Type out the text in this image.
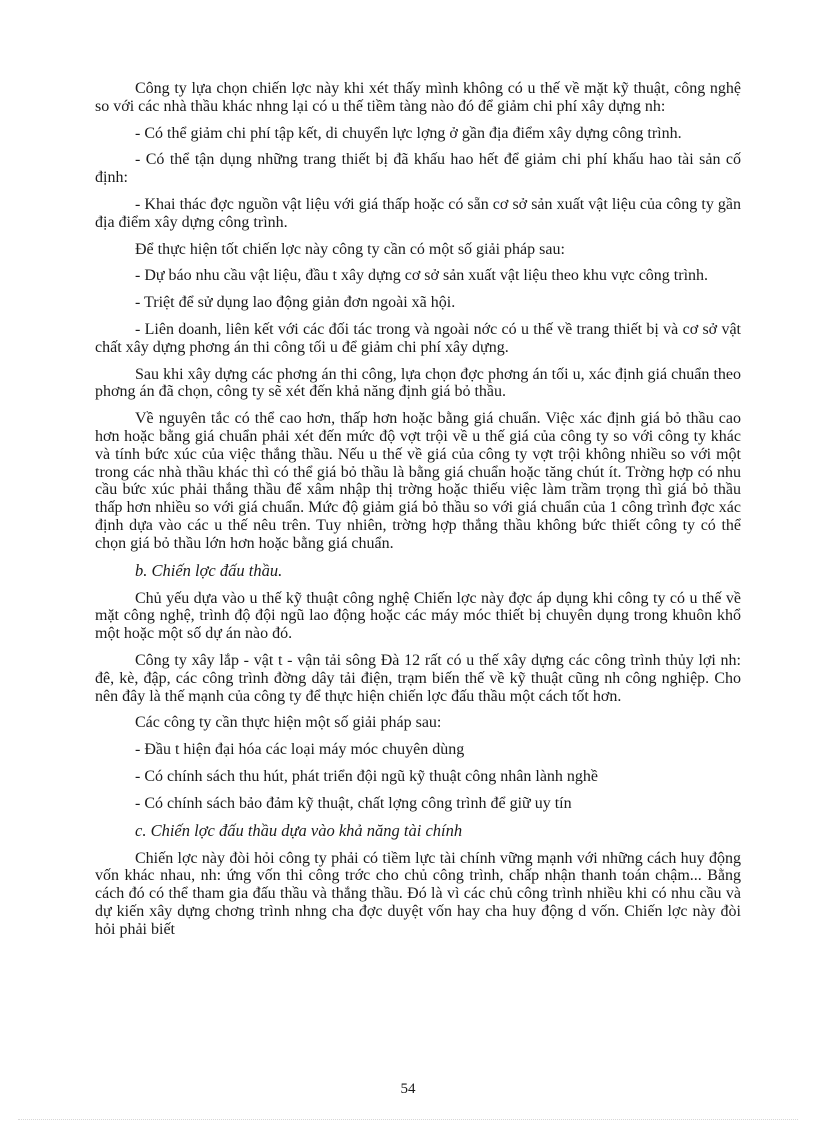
Công ty lựa chọn chiến lợc này khi xét thấy mình không có u thế về mặt kỹ thuật, công nghệ so với các nhà thầu khác nhng lại có u thế tiềm tàng nào đó để giảm chi phí xây dựng nh:

- Có thể giảm chi phí tập kết, di chuyển lực lợng ở gần địa điểm xây dựng công trình.

- Có thể tận dụng những trang thiết bị đã khấu hao hết để giảm chi phí khấu hao tài sản cố định:

- Khai thác đợc nguồn vật liệu với giá thấp hoặc có sẵn cơ sở sản xuất vật liệu của công ty gần địa điểm xây dựng công trình.

Để thực hiện tốt chiến lợc này công ty cần có một số giải pháp sau:

- Dự báo nhu cầu vật liệu, đầu t xây dựng cơ sở sản xuất vật liệu theo khu vực công trình.

- Triệt để sử dụng lao động giản đơn ngoài xã hội.

- Liên doanh, liên kết với các đối tác trong và ngoài nớc có u thế về trang thiết bị và cơ sở vật chất xây dựng phơng án thi công tối u để giảm chi phí xây dựng.

Sau khi xây dựng các phơng án thi công, lựa chọn đợc phơng án tối u, xác định giá chuẩn theo phơng án đã chọn, công ty sẽ xét đến khả năng định giá bỏ thầu.

Về nguyên tắc có thể cao hơn, thấp hơn hoặc bằng giá chuẩn. Việc xác định giá bỏ thầu cao hơn hoặc bằng giá chuẩn phải xét đến mức độ vợt trội về u thế giá của công ty so với công ty khác và tính bức xúc của việc thắng thầu. Nếu u thế về giá của công ty vợt trội không nhiều so với một trong các nhà thầu khác thì có thể giá bỏ thầu là bằng giá chuẩn hoặc tăng chút ít. Trờng hợp có nhu cầu bức xúc phải thắng thầu để xâm nhập thị trờng hoặc thiếu việc làm trầm trọng thì giá bỏ thầu thấp hơn nhiều so với giá chuẩn. Mức độ giảm giá bỏ thầu so với giá chuẩn của 1 công trình đợc xác định dựa vào các u thế nêu trên. Tuy nhiên, trờng hợp thắng thầu không bức thiết công ty có thể chọn giá bỏ thầu lớn hơn hoặc bằng giá chuẩn.

b. Chiến lợc đấu thầu.

Chủ yếu dựa vào u thế kỹ thuật công nghệ Chiến lợc này đợc áp dụng khi công ty có u thế về mặt công nghệ, trình độ đội ngũ lao động hoặc các máy móc thiết bị chuyên dụng trong khuôn khổ một hoặc một số dự án nào đó.

Công ty xây lắp - vật t - vận tải sông Đà 12 rất có u thế xây dựng các công trình thủy lợi nh: đê, kè, đập, các công trình đờng dây tải điện, trạm biến thế về kỹ thuật cũng nh công nghiệp. Cho nên đây là thế mạnh của công ty để thực hiện chiến lợc đấu thầu một cách tốt hơn.

Các công ty cần thực hiện một số giải pháp sau:

- Đầu t hiện đại hóa các loại máy móc chuyên dùng

- Có chính sách thu hút, phát triển đội ngũ kỹ thuật công nhân lành nghề

- Có chính sách bảo đảm kỹ thuật, chất lợng công trình để giữ uy tín

c. Chiến lợc đấu thầu dựa vào khả năng tài chính

Chiến lợc này đòi hỏi công ty phải có tiềm lực tài chính vững mạnh với những cách huy động vốn khác nhau, nh: ứng vốn thi công trớc cho chủ công trình, chấp nhận thanh toán chậm... Bằng cách đó có thể tham gia đấu thầu và thắng thầu. Đó là vì các chủ công trình nhiều khi có nhu cầu và dự kiến xây dựng chơng trình nhng cha đợc duyệt vốn hay cha huy động d vốn. Chiến lợc này đòi hỏi phải biết

54
